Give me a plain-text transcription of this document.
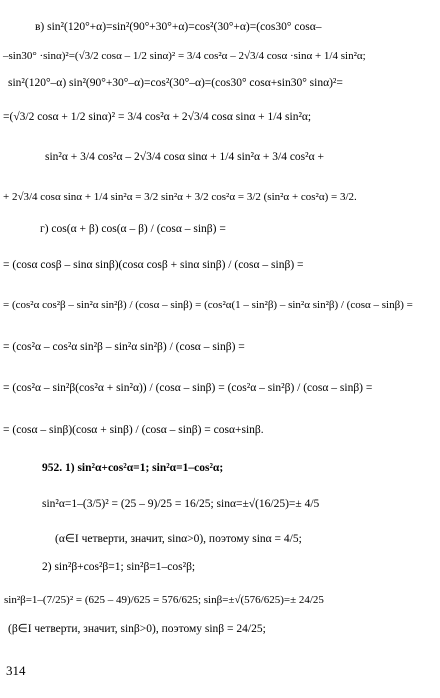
в) sin²(120°+α)=sin²(90°+30°+α)=cos²(30°+α)=(cos30° cosα–
–sin30° ·sinα)²=(√3/2 cosα – 1/2 sinα)² = 3/4 cos²α – 2√3/4 cosα ·sinα + 1/4 sin²α;
sin²(120°–α) sin²(90°+30°–α)=cos²(30°–α)=(cos30° cosα+sin30° sinα)²=
=(√3/2 cosα + 1/2 sinα)² = 3/4 cos²α + 2√3/4 cosα sinα + 1/4 sin²α;
sin²α + 3/4 cos²α – 2√3/4 cosα sinα + 1/4 sin²α + 3/4 cos²α +
+ 2√3/4 cosα sinα + 1/4 sin²α = 3/2 sin²α + 3/2 cos²α = 3/2 (sin²α + cos²α) = 3/2.
г) cos(α + β) cos(α – β) / (cosα – sinβ) =
= (cosα cosβ – sinα sinβ)(cosα cosβ + sinα sinβ) / (cosα – sinβ) =
= (cos²α cos²β – sin²α sin²β) / (cosα – sinβ) = (cos²α(1 – sin²β) – sin²α sin²β) / (cosα – sinβ) =
= (cos²α – cos²α sin²β – sin²α sin²β) / (cosα – sinβ) =
= (cos²α – sin²β(cos²α + sin²α)) / (cosα – sinβ) = (cos²α – sin²β) / (cosα – sinβ) =
= (cosα – sinβ)(cosα + sinβ) / (cosα – sinβ) = cosα+sinβ.
952. 1) sin²α+cos²α=1; sin²α=1–cos²α;
sin²α=1–(3/5)² = (25 – 9)/25 = 16/25; sinα=±√(16/25)=± 4/5
(α∈I четверти, значит, sinα>0), поэтому sinα = 4/5;
2) sin²β+cos²β=1; sin²β=1–cos²β;
sin²β=1–(7/25)² = (625 – 49)/625 = 576/625; sinβ=±√(576/625)=± 24/25
(β∈I четверти, значит, sinβ>0), поэтому sinβ = 24/25;
314
